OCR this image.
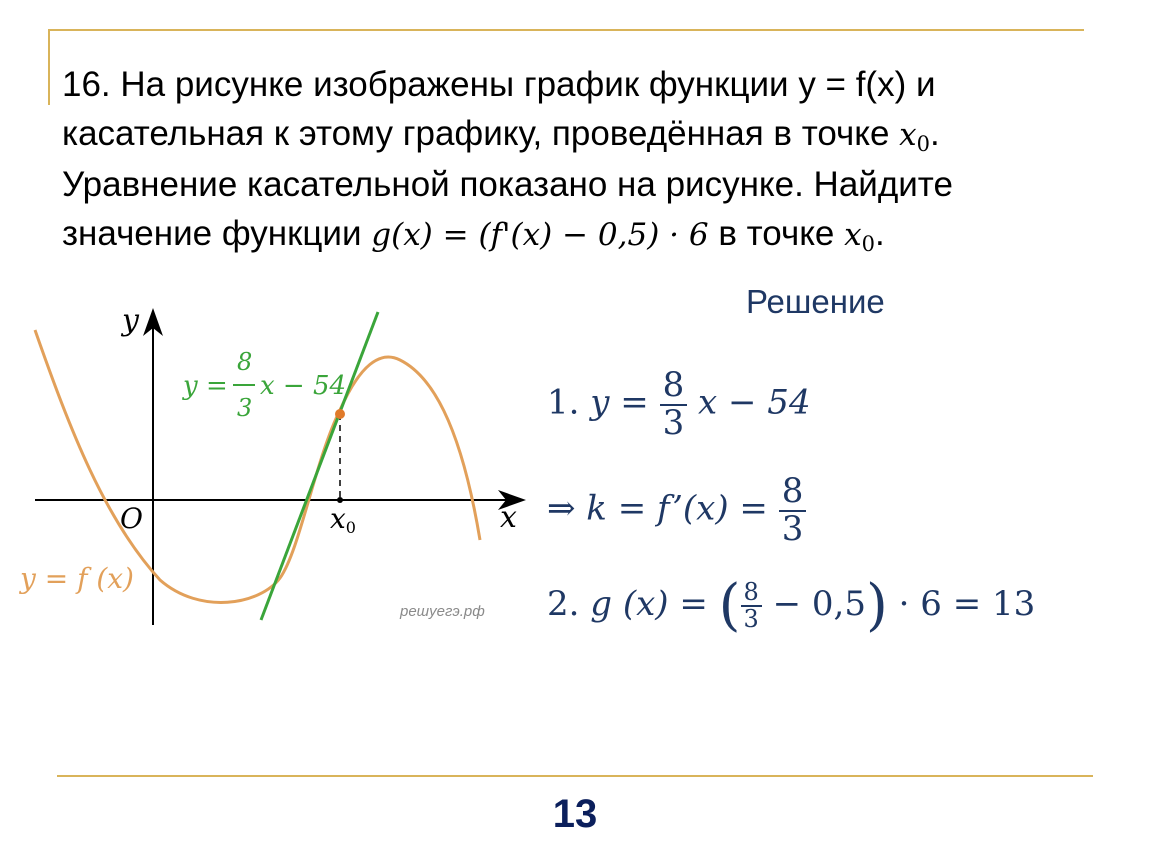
16. На рисунке изображены график функции y = f(x) и
касательная к этому графику, проведённая в точке $x_0$.
Уравнение касательной показано на рисунке. Найдите
значение функции g(x) = (f'(x) − 0,5) · 6 в точке $x_0$.
y
x
O	x0
y =
8
3
x − 54
y = f (x)
решуегэ.рф
Решение
1. $y = \frac{8}{3}$ x − 54
⇒ k = f’(x) = $\frac{8}{3}$
2. g (x) = ( $\frac{8}{3} - 0,5) \cdot 6 = 13$
13
